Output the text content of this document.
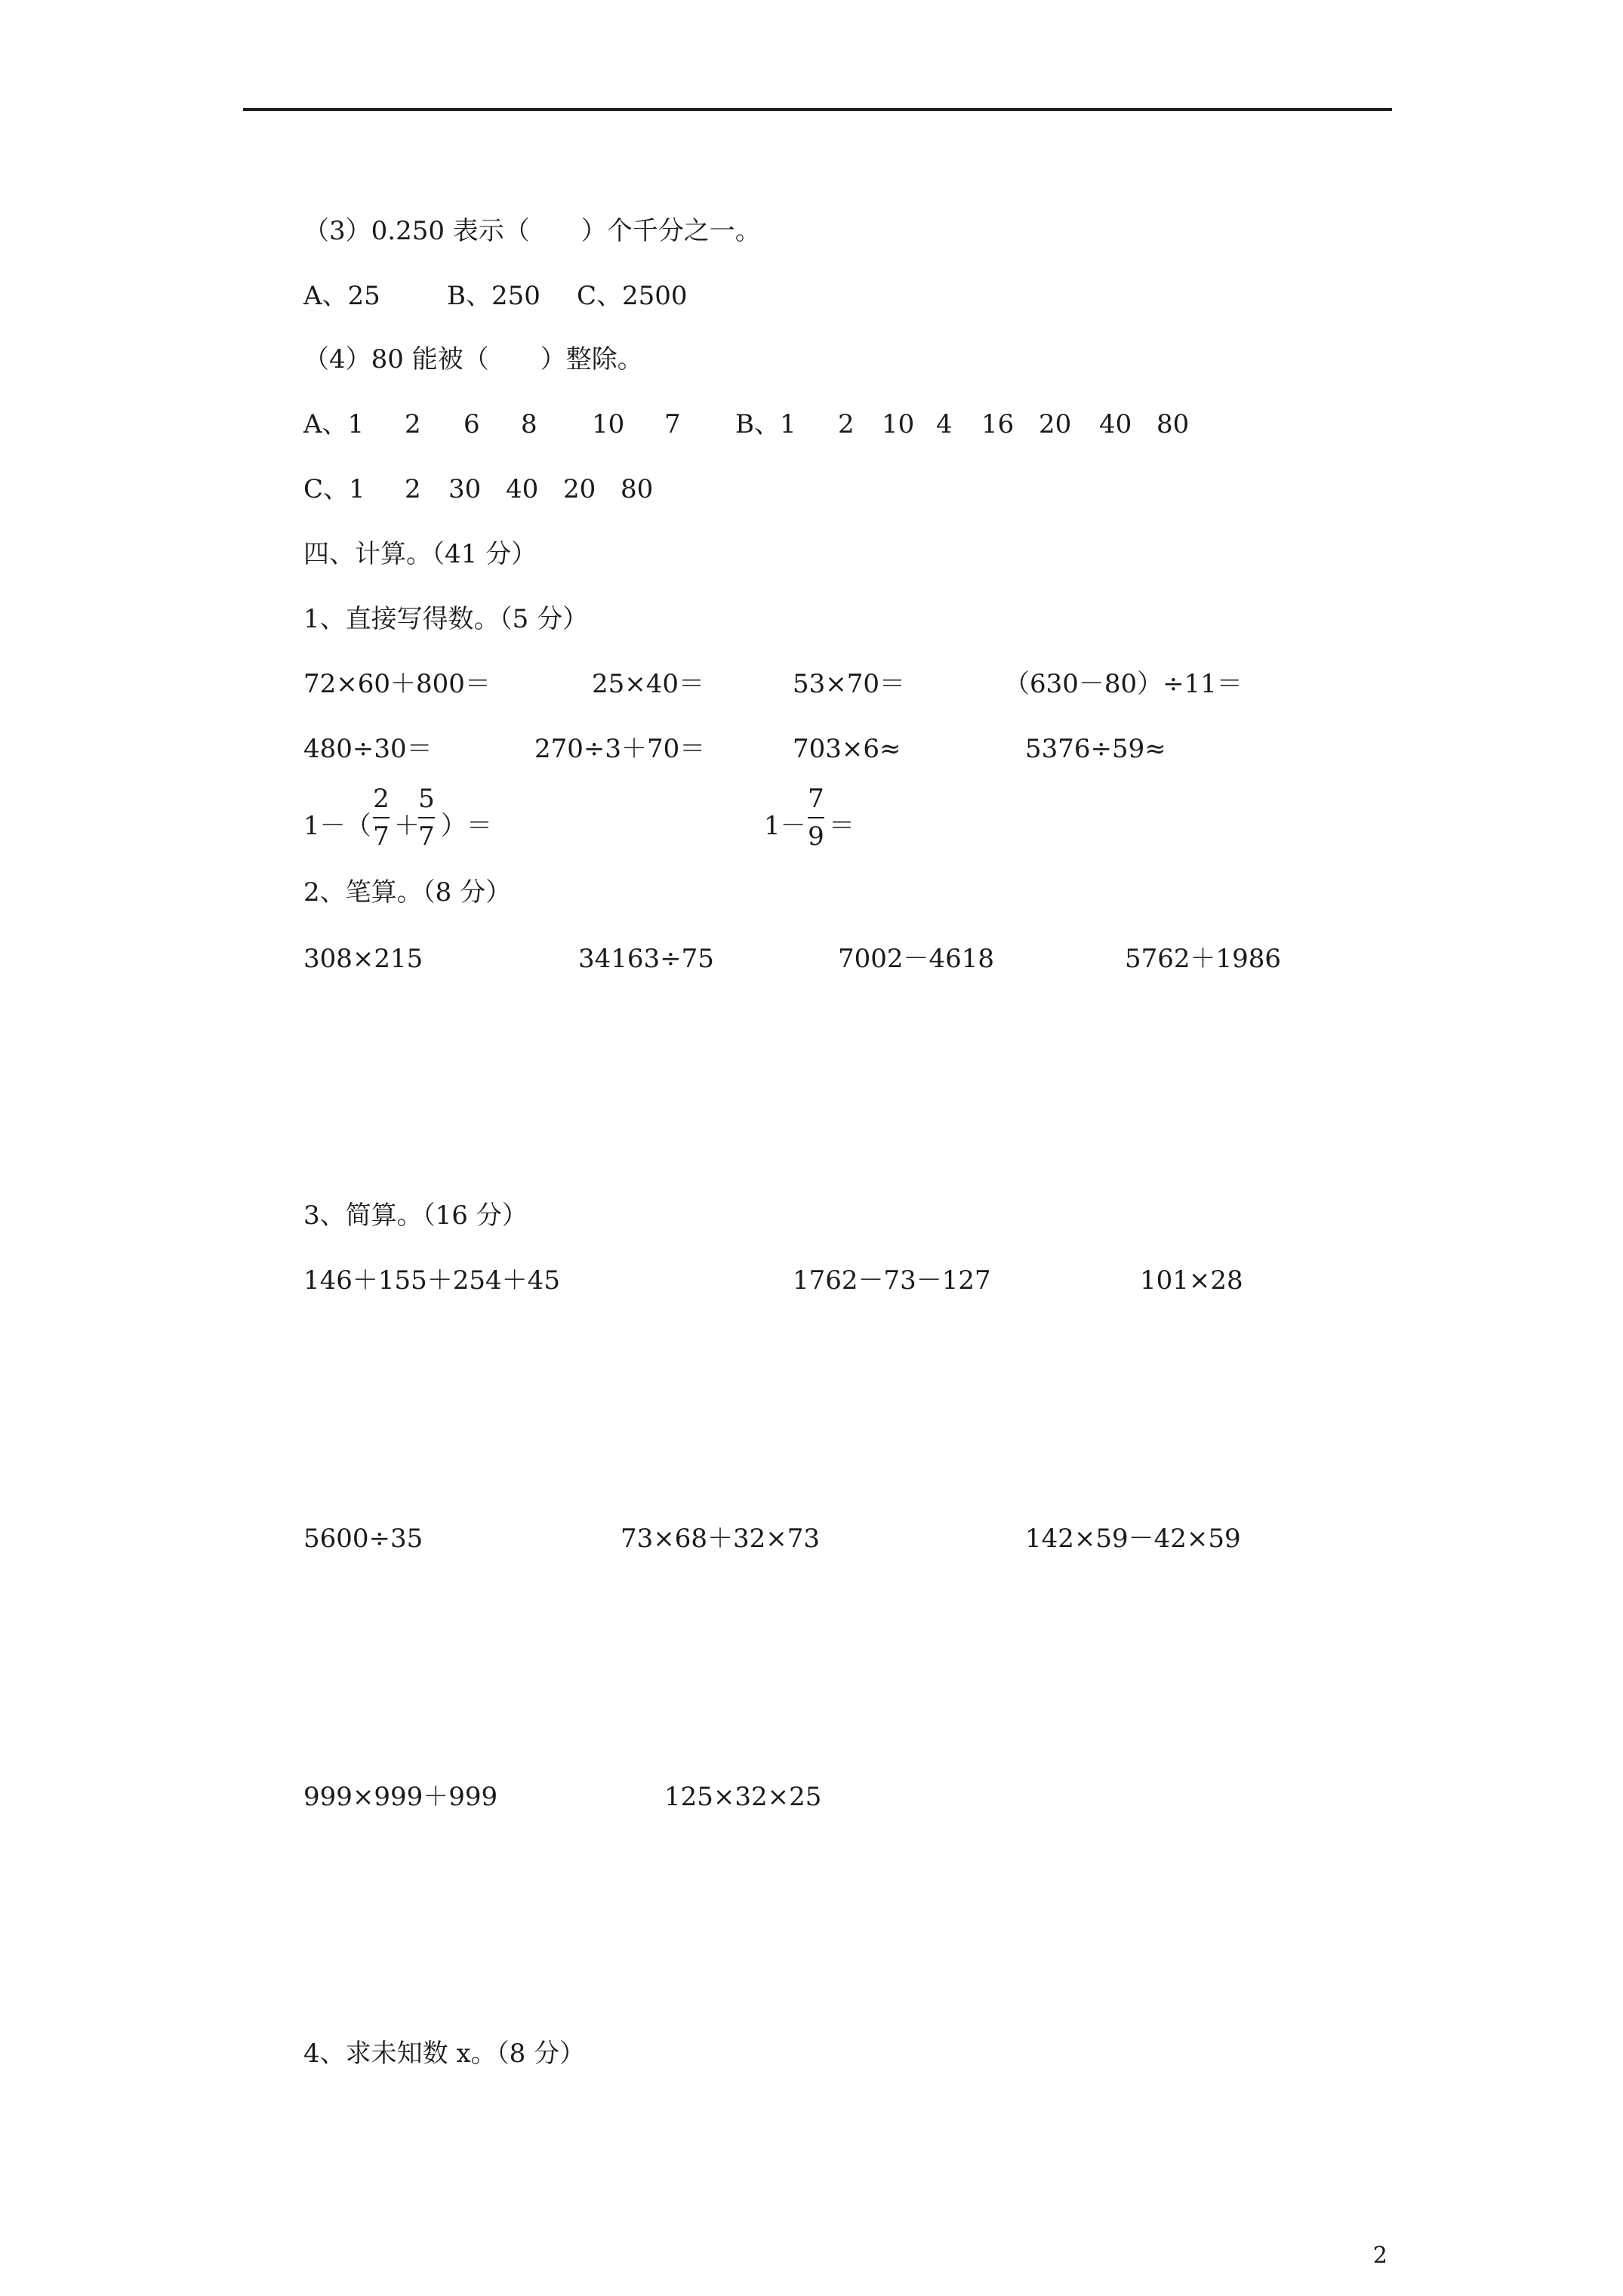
（3）0.250 表示（　　）个千分之一。
A、25	B、250 C、2500
（4）80 能被（　　）整除。
A、1 2 6 8 10 7 B、1 2 10 4 16 20 40 80
C、1 2 30 40 20 80
四、计算。（41 分）
1、直接写得数。（5 分）
72×60＋800＝	25×40＝	53×70＝	（630－80）÷11＝
480÷30＝	270÷3＋70＝	703×6≈	5376÷59≈
1－（
2
7 ＋
5
7 ）＝	1－
7
9 ＝
2、笔算。（8 分）
308×215	34163÷75	7002－4618	5762＋1986
3、简算。（16 分）
146＋155＋254＋45	1762－73－127	101×28
5600÷35	73×68＋32×73	142×59－42×59
999×999＋999	125×32×25
4、求未知数 x。（8 分）
2
